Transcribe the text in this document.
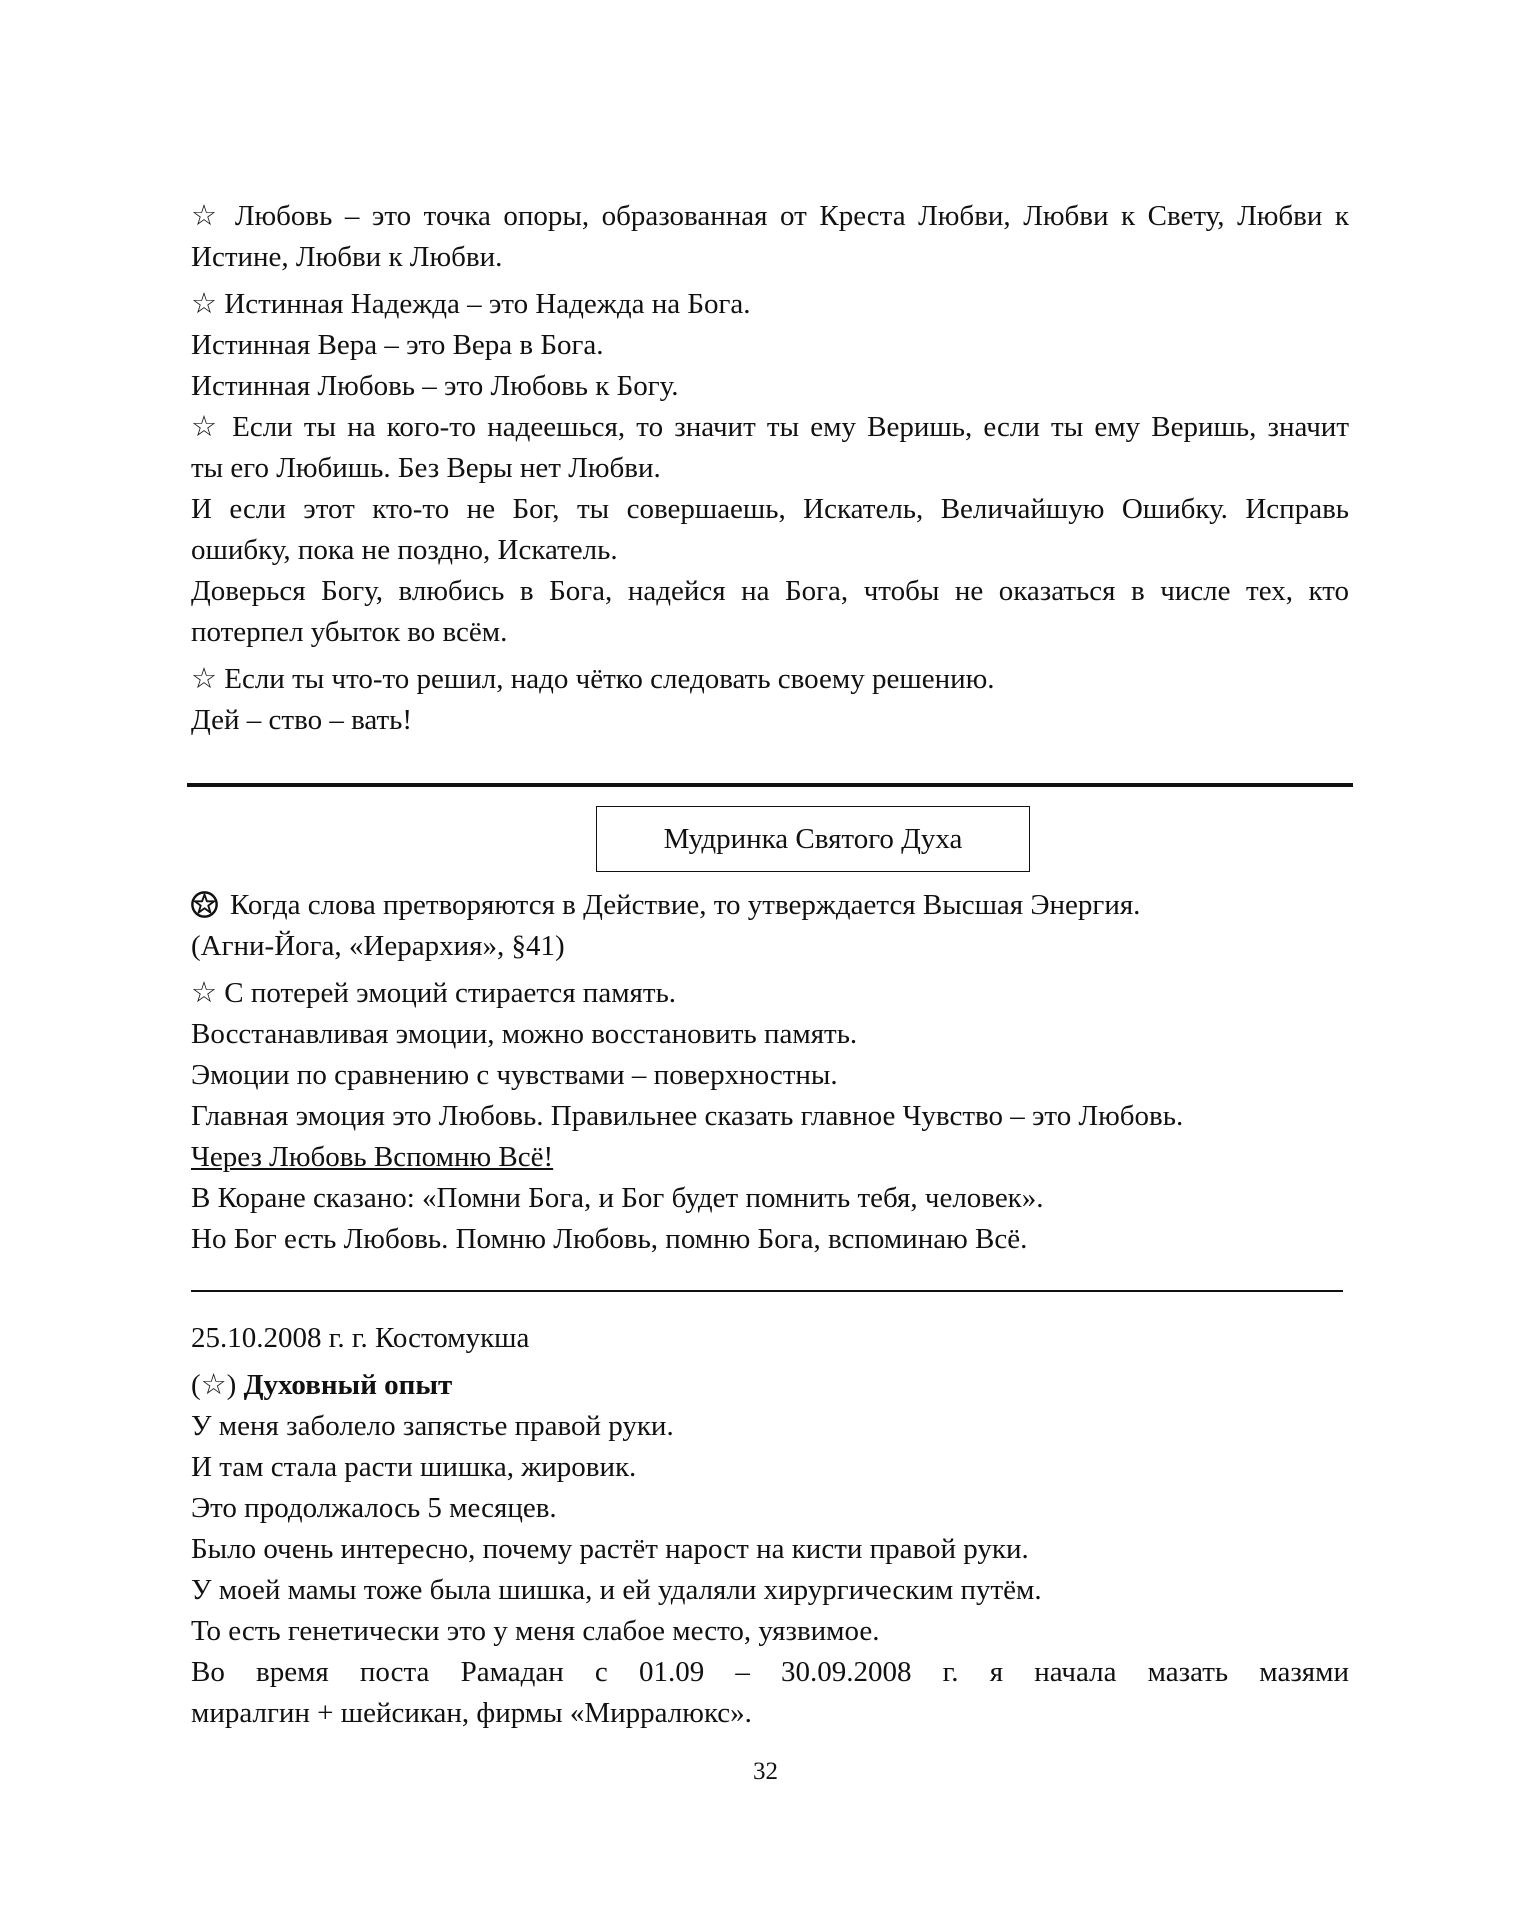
☆ Любовь – это точка опоры, образованная от Креста Любви, Любви к Свету, Любви к

Истине, Любви к Любви.

☆ Истинная Надежда – это Надежда на Бога.

Истинная Вера – это Вера в Бога.

Истинная Любовь – это Любовь к Богу.

☆ Если ты на кого-то надеешься, то значит ты ему Веришь, если ты ему Веришь, значит

ты его Любишь. Без Веры нет Любви.

И если этот кто-то не Бог, ты совершаешь, Искатель, Величайшую Ошибку. Исправь

ошибку, пока не поздно, Искатель.

Доверься Богу, влюбись в Бога, надейся на Бога, чтобы не оказаться в числе тех, кто

потерпел убыток во всём.

☆ Если ты что-то решил, надо чётко следовать своему решению.

Дей – ство – вать!

Мудринка Святого Духа

Когда слова претворяются в Действие, то утверждается Высшая Энергия.

(Агни-Йога, «Иерархия», §41)

☆ С потерей эмоций стирается память.

Восстанавливая эмоции, можно восстановить память.

Эмоции по сравнению с чувствами – поверхностны.

Главная эмоция это Любовь. Правильнее сказать главное Чувство – это Любовь.

Через Любовь Вспомню Всё!

В Коране сказано: «Помни Бога, и Бог будет помнить тебя, человек».

Но Бог есть Любовь. Помню Любовь, помню Бога, вспоминаю Всё.

25.10.2008 г. г. Костомукша

(☆) Духовный опыт

У меня заболело запястье правой руки.

И там стала расти шишка, жировик.

Это продолжалось 5 месяцев.

Было очень интересно, почему растёт нарост на кисти правой руки.

У моей мамы тоже была шишка, и ей удаляли хирургическим путём.

То есть генетически это у меня слабое место, уязвимое.

Во время поста Рамадан с 01.09 – 30.09.2008 г. я начала мазать мазями

миралгин + шейсикан, фирмы «Мирралюкс».

32
